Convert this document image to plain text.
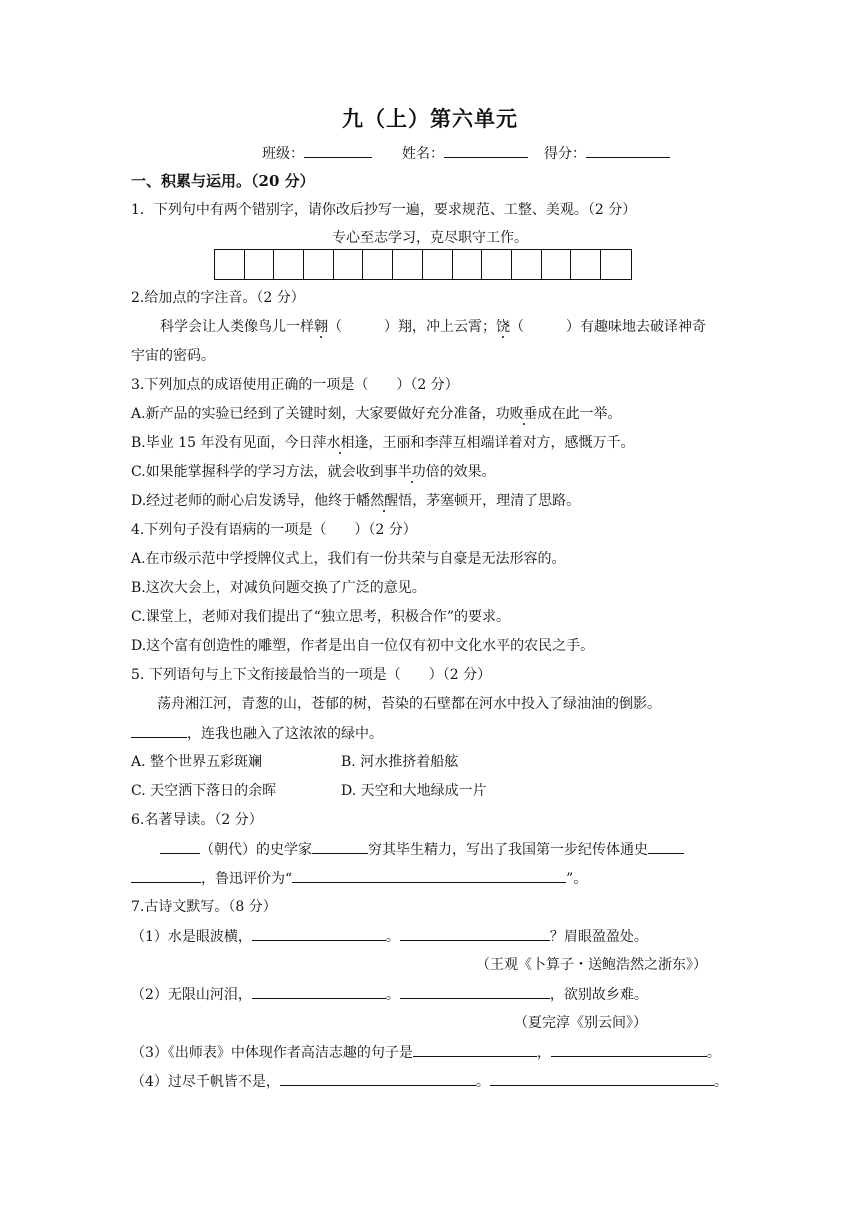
九（上）第六单元
班级：	姓名：	得分：
一、积累与运用。（20 分）
1．下列句中有两个错别字，请你改后抄写一遍，要求规范、工整、美观。（2 分）
专心至志学习，克尽职守工作。
2.给加点的字注音。（2 分）
科学会让人类像鸟儿一样翱（　　　）翔，冲上云霄；饶（　　　）有趣味地去破译神奇
宇宙的密码。
3.下列加点的成语使用正确的一项是（　　）（2 分）
A.新产品的实验已经到了关键时刻，大家要做好充分准备，功败垂成在此一举。
B.毕业 15 年没有见面，今日萍水相逢，王丽和李萍互相端详着对方，感慨万千。
C.如果能掌握科学的学习方法，就会收到事半功倍的效果。
D.经过老师的耐心启发诱导，他终于幡然醒悟，茅塞顿开，理清了思路。
4.下列句子没有语病的一项是（　　）（2 分）
A.在市级示范中学授牌仪式上，我们有一份共荣与自豪是无法形容的。
B.这次大会上，对减负问题交换了广泛的意见。
C.课堂上，老师对我们提出了“独立思考，积极合作”的要求。
D.这个富有创造性的雕塑，作者是出自一位仅有初中文化水平的农民之手。
5. 下列语句与上下文衔接最恰当的一项是（　　）（2 分）
荡舟湘江河，青葱的山，苍郁的树，苔染的石壁都在河水中投入了绿油油的倒影。
，连我也融入了这浓浓的绿中。
A. 整个世界五彩斑斓	B. 河水推挤着船舷
C. 天空洒下落日的余晖	D. 天空和大地绿成一片
6.名著导读。（2 分）
（朝代）的史学家	穷其毕生精力，写出了我国第一步纪传体通史
，鲁迅评价为“	”。
7.古诗文默写。（8 分）
（1）水是眼波横，	。	？眉眼盈盈处。
（王观《卜算子・送鲍浩然之浙东》）
（2）无限山河泪，	。	，欲别故乡难。
（夏完淳《别云间》）
（3）《出师表》中体现作者高洁志趣的句子是	，	。
（4）过尽千帆皆不是，	。	。
